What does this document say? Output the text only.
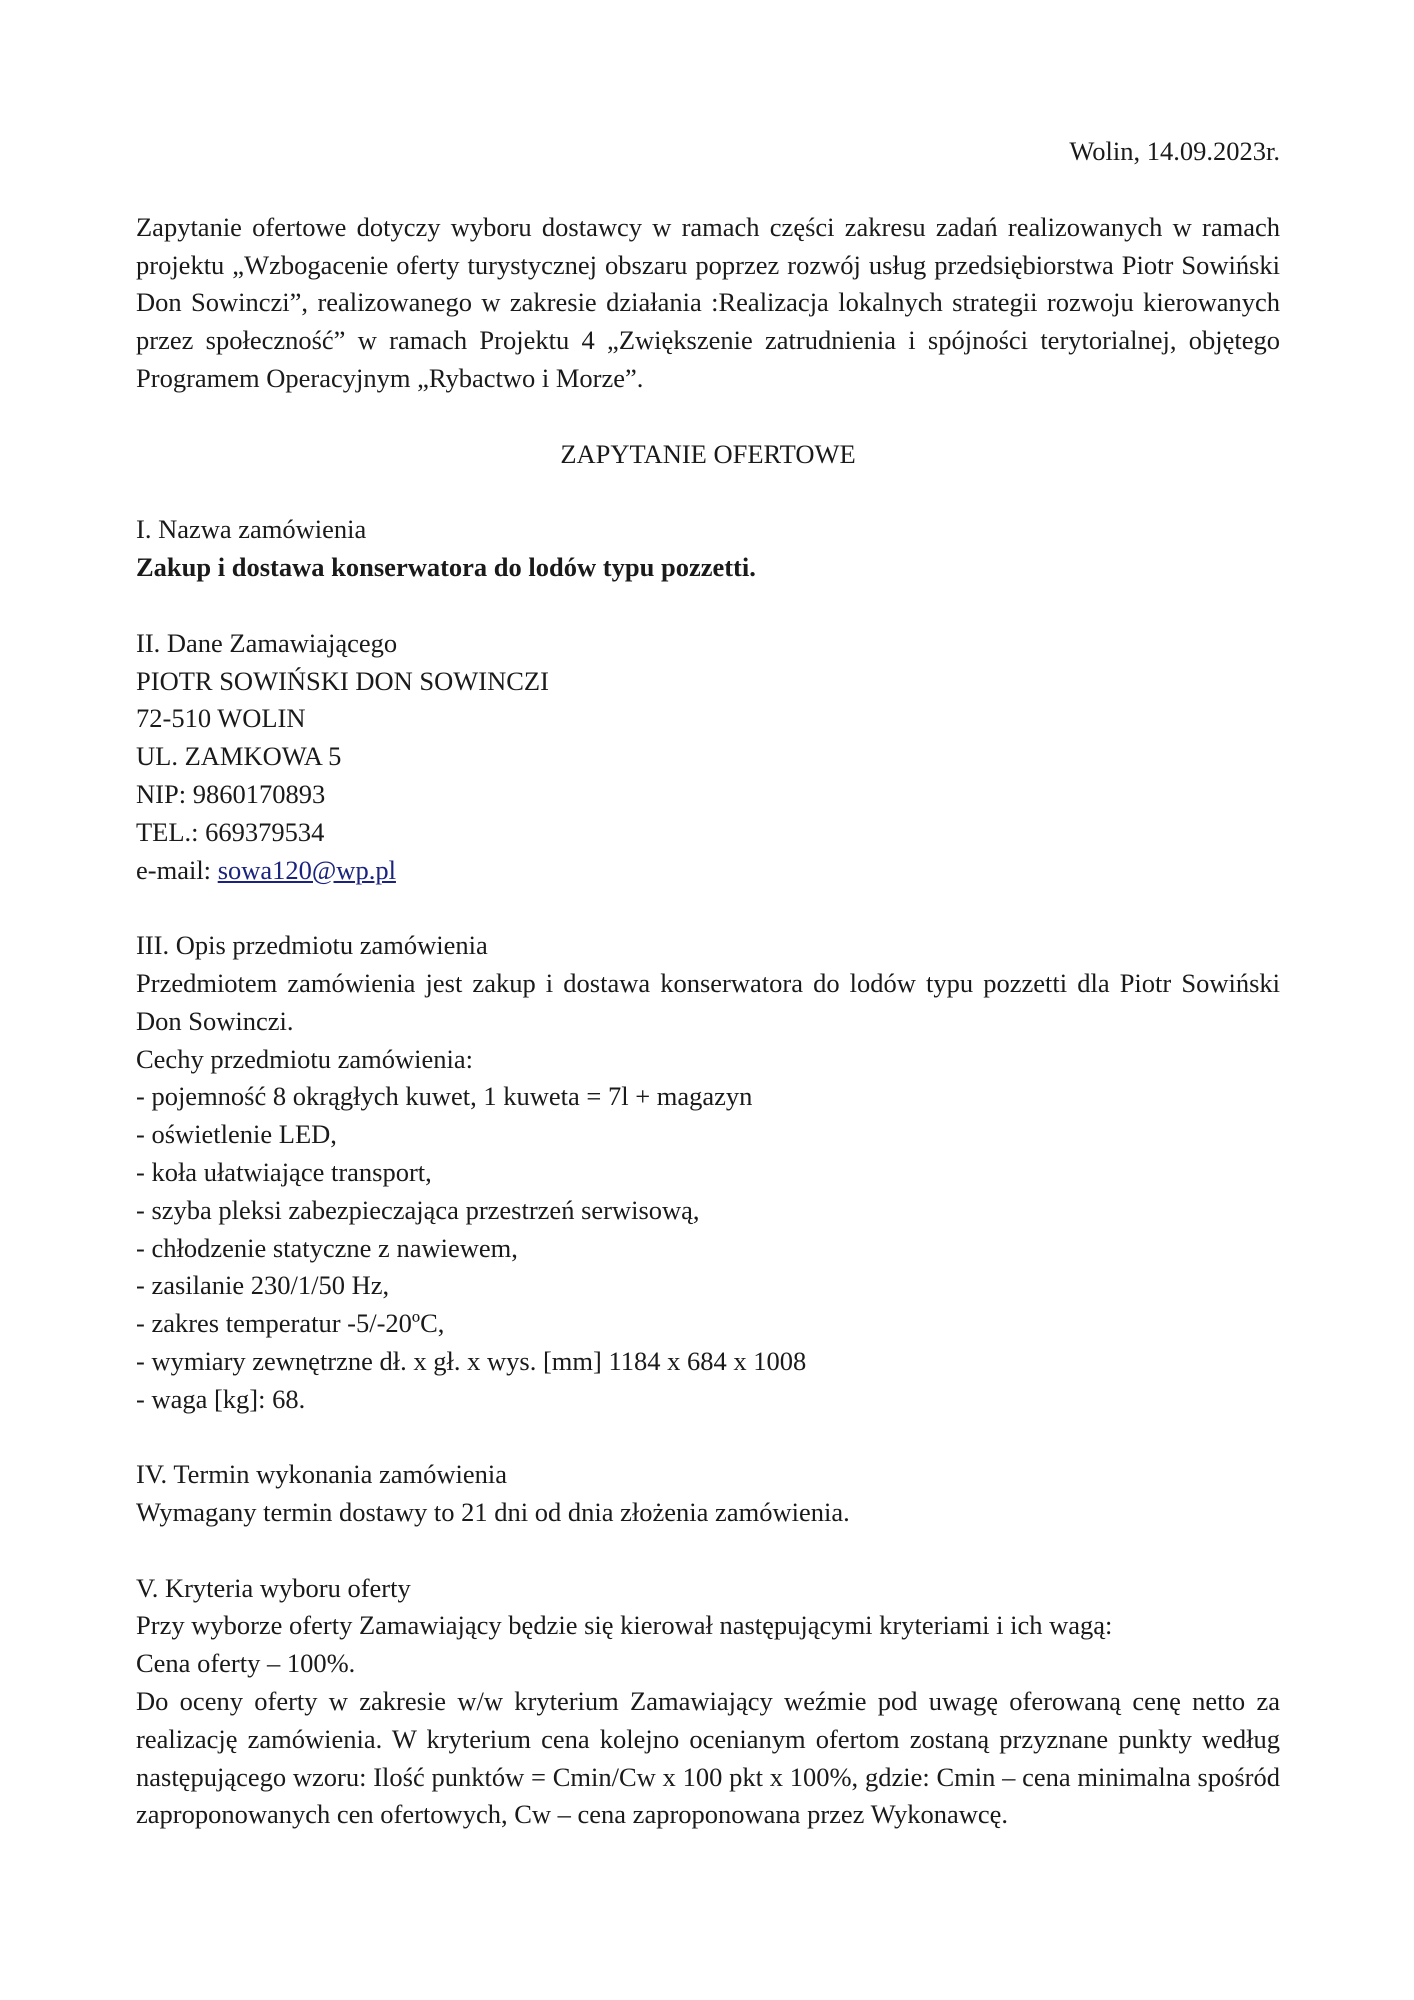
Wolin, 14.09.2023r.

Zapytanie ofertowe dotyczy wyboru dostawcy w ramach części zakresu zadań realizowanych w ramach projektu „Wzbogacenie oferty turystycznej obszaru poprzez rozwój usług przedsiębiorstwa Piotr Sowiński Don Sowinczi”, realizowanego w zakresie działania :Realizacja lokalnych strategii rozwoju kierowanych przez społeczność” w ramach Projektu 4 „Zwiększenie zatrudnienia i spójności terytorialnej, objętego Programem Operacyjnym „Rybactwo i Morze”.

ZAPYTANIE OFERTOWE

I. Nazwa zamówienia

Zakup i dostawa konserwatora do lodów typu pozzetti.

II. Dane Zamawiającego

PIOTR SOWIŃSKI DON SOWINCZI

72-510 WOLIN

UL. ZAMKOWA 5

NIP: 9860170893

TEL.: 669379534

e-mail: sowa120@wp.pl

III. Opis przedmiotu zamówienia

Przedmiotem zamówienia jest zakup i dostawa konserwatora do lodów typu pozzetti dla Piotr Sowiński Don Sowinczi.

Cechy przedmiotu zamówienia:

- pojemność 8 okrągłych kuwet, 1 kuweta = 7l + magazyn
- oświetlenie LED,
- koła ułatwiające transport,
- szyba pleksi zabezpieczająca przestrzeń serwisową,
- chłodzenie statyczne z nawiewem,
- zasilanie 230/1/50 Hz,
- zakres temperatur -5/-20ºC,
- wymiary zewnętrzne dł. x gł. x wys. [mm] 1184 x 684 x 1008
- waga [kg]: 68.

IV. Termin wykonania zamówienia

Wymagany termin dostawy to 21 dni od dnia złożenia zamówienia.

V. Kryteria wyboru oferty

Przy wyborze oferty Zamawiający będzie się kierował następującymi kryteriami i ich wagą:

Cena oferty – 100%.

Do oceny oferty w zakresie w/w kryterium Zamawiający weźmie pod uwagę oferowaną cenę netto za realizację zamówienia. W kryterium cena kolejno ocenianym ofertom zostaną przyznane punkty według następującego wzoru: Ilość punktów = Cmin/Cw x 100 pkt x 100%, gdzie: Cmin – cena minimalna spośród zaproponowanych cen ofertowych, Cw – cena zaproponowana przez Wykonawcę.
